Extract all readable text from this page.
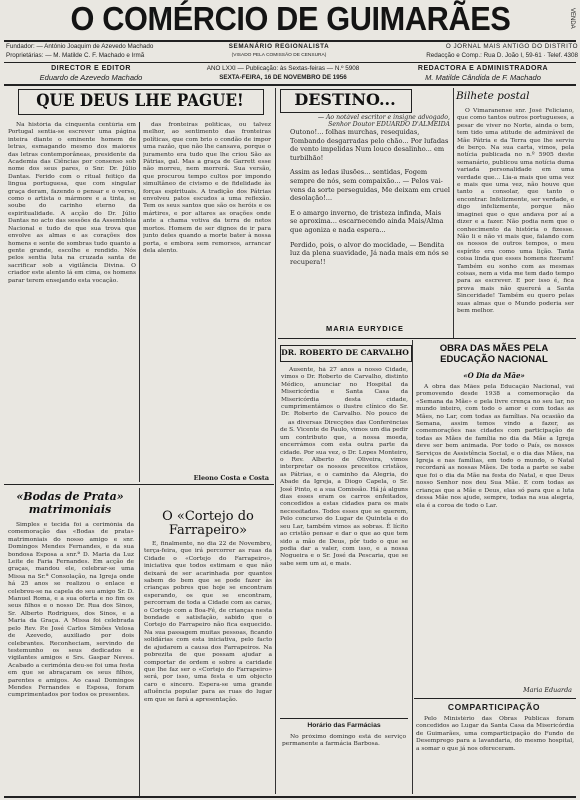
O COMÉRCIO DE GUIMARÃES	VENDA
Fundador: — António Joaquim de Azevedo Machado	SEMANÁRIO REGIONALISTA	O JORNAL MAIS ANTIGO DO DISTRITO
Proprietárias: — M. Matilde C. F. Machado e Irmã	(VISADO PELA COMISSÃO DE CENSURA)	Redacção e Comp.: Rua D. João I, 59-61 · Telef. 4308
DIRECTOR E EDITOR
Eduardo de Azevedo Machado
ANO LXXI — Publicação: às Sextas-feiras — N.º 5908
SEXTA-FEIRA, 16 DE NOVEMBRO DE 1956
REDACTORA E ADMINISTRADORA
M. Matilde Cândida de F. Machado
QUE DEUS LHE PAGUE!

Na história da cinquenta centúria em Portugal sentia-se escrever uma página inteira diante o eminente homem de letras, esmagando mesmo dos maiores das letras contemporâneas, presidente da Academia das Ciências por consenso sob nome dos seus pares, o Snr. Dr. Júlio Dantas. Ferido com o ritual feitiço da lingua portuguesa, que com singular graça deram, fazendo o pensar e o verso, como o artista o mármore e a tinta, se soube do carinho eterno da espiritualidade. A acção do Dr. Júlio Dantas no acto das sessões da Assembleia Nacional e tudo de que sua trova que envolve as almas e as corações dos homens e sente de sombras tudo quanto a gente grande, escolhe e rendido. Nós pelos sentia luta na cruzada santa de sacrificar sob a vigilância Divina. O criador este alento lá em cima, os homens parar terem ensejando esta vocação.

das fronteiras políticas, ou talvez melhor, ao sentimento das fronteiras políticas, que com brio o condão de impor uma razão, que não lhe cansava, porque o juramento era tudo que lhe criou São as Pátrias, gal. Mas a graça de Garrett esse não morreu, nem morrerá. Sua versão, que procurou tempo cultos por impondo simultâneo de civismo e de fidelidade às forças espirituais. A tradição dos Pátrias envolveu patos escudos a uma reflexão. Tem os seus santos que são os heróis e os mártires, e por altares as orações onde ante a chama votiva da terra de netos mortos. Homem de ser dignos de ir para junto deles quando a morte bater à nossa porta, e embora sem remorsos, arrancar dela alento.

Eleono Costa e Costa
«Bodas de Prata» matrimoniais

Simples e tecida foi a cerimónia da comemoração das «Bodas de prata» matrimoniais do nosso amigo e snr. Domingos Mendes Fernandes, e da sua bondosa Esposa a snr.ª D. Maria da Luz Leite de Faria Fernandes. Em acção de graças, mandou ele, celebrar-se uma Missa na Sr.ª Consolação, na Igreja onde há 25 anos se realizou o enlace e celebrou-se na capela do seu amigo Sr. D. Manuel Roma, e a sua oferta e no fim os seus filhos e o nosso Dr. Rua dos Sinos, Sr. Alberto Rodrigues, dos Sinos, e a Maria da Graça. A Missa foi celebrada pelo Rev. P.e José Carlos Simões Velosa de Azevedo, auxiliado por dois celebrantes. Reconheciam, servindo de testemunho os seus dedicados e vigilantes amigos e Srs. Gaspar Neves. Acabado a cerimónia deu-se foi uma festa em que se abraçaram os seus filhos, parentes e amigos. Ao casal Domingos Mendes Fernandes e Esposa, foram cumprimentados por todos os presentes.

O «Cortejo do Farrapeiro»

É, finalmente, no dia 22 de Novembro, terça-feira, que irá percorrer as ruas da Cidade o «Cortejo do Farrapeiro», iniciativa que todos estimam e que não deixará de ser acarinhada por quantos sabem do bem que se pode fazer às crianças pobres que hoje se encontram esperando, os que se encontram, percorram de toda a Cidade com as caras, o Cortejo com a Boa-Fé, de crianças nesta bondade e satisfação, sabido que o Cortejo do Farrapeiro não fica esquecido. Na sua passagem muitas pessoas, ficando solidárias com esta iniciativa, pelo facto de ajudarem a causa dos Farrapeiros. Na pobrezita de que possam ajudar a comportar de ordem e sobre a caridade que lhe faz ser o «Cortejo do Farrapeiro» será, por isso, uma festa e um objecto caro e sincero. Espera-se uma grande afluência popular para as ruas do lugar em que se fará a apresentação.

as diversas Direcções das Conferências de S. Vicente de Paulo, vimos um dia pedir um contributo que, a nossa moeda, encerrámos com esta outra parte da cidade. Por sua vez, o Dr. Lopes Monteiro, o Rev. Alberto de Oliveira, vimos interpretar os nossos preceitos cristãos, as Pátrias, e o caminho da Alegria, do Abade da Igreja, a Diogo Capela, o Sr. José Pinto, e a sua Comissão. Há já alguns dias esses eram os carros enfeitados, concedidos a estas cidades para os mais necessitados. Todos esses que se querem, Pelo concurso do Lugar de Quintela e do seu Lar, também vimos as sobras. É lícito ao cristão pensar e dar o que ao que tem sido a mão de Deus, pôr tudo o que se podia dar a valer, com isso, e a nossa Nogueira e o Sr. José da Pescaria, que se sabe sem um ai, e mais.

Horário das Farmácias

No próximo domingo está de serviço permanente a farmácia Barbosa.

DESTINO...
— Ao notável escritor e insigne advogado,
Senhor Doutor EDUARDO D'ALMEIDA

Outono!... folhas murchas, resequidas, Tombando desgarradas pelo chão... Por lufadas de vento impelidas Num louco desalinho... em turbilhão!

Assim as ledas ilusões... sentidas, Fogem sempre de nós, sem compaixão... — Pelos vai-vens da sorte perseguidas, Me deixam em cruel desolação!...

E o amargo inverno, de tristeza infinda, Mais se aproxima... escarnecendo ainda Mais/Alma que agoniza e nada espera...

Perdido, pois, o alvor do mocidade, — Bendita luz da plena suavidade, Já nada mais em nós se recupera!!

MARIA EURYDICE
DR. ROBERTO DE CARVALHO

Ausente, há 27 anos a nosso Cidade, vimos o Dr. Roberto de Carvalho, distinto Médico, anunciar no Hospital da Misericórdia e Santa Casa da Misericórdia desta cidade, cumprimentámos o ilustre clínico do Sr. Dr. Roberto de Carvalho. No pouco de

OBRA DAS MÃES PELA EDUCAÇÃO NACIONAL
«O Dia da Mãe»

A obra das Mães pela Educação Nacional, vai promovendo desde 1938 a comemoração da «Semana da Mãe» e pela livre crença no seu lar, no mundo inteiro, com todo o amor e com todas as Mães, no Lar, com todas as famílias. Na ocasião da Semana, assim temos vindo a fazer, as comemorações nas cidades com participação de todas as Mães de família no dia da Mãe a Igreja deve ser bem animada. Por todo o País, os nossos Serviços de Assistência Social, e o dia das Mães, na Igreja e nas famílias, em todo o mundo, o Natal recordará as nossas Mães. De toda a parte se sabe que foi o dia da Mãe na festa do Natal, e que Deus nosso Senhor nos deu Sua Mãe. E com todas as crianças que a Mãe e Deus, elas só para que a luta dessa Mãe nos ajude, sempre, todas na sua alegria, ela é a coroa de todo o Lar.

Bilhete postal

O Vimaranense snr. José Feliciano, que como tantos outros portugueses, a pesar de viver no Norte, ainda o tem, tem tido uma atitude de admirável de Mãe Pátria e da Terra que lhe serviu de berço. Na sua carta, vimos, pela notícia publicada no n.º 5905 deste semanário, publicou uma notícia duma variada personalidade em uma verdade que... Lia-a mais que uma vez e mais que uma vez, não houve que tanto a consolar, que tanto o encontrar. Infelizmente, ser verdade, e digo infelizmente, porque não imaginei que o que andava por aí a dizer e a fazer. Não podia nem que o conhecimento da história o fizesse. Não li e não vi mais que, falando com os nossos de outros tempos, o meu espírito era como uma lição. Tanta coisa linda que esses homens fizeram! Também eu sonho com as mesmas coisas, nem a vida me tem dado tempo para as escrever. E por isso é, fica prova mais não quererá a Santa Sinceridade! Também eu quero pelas suas almas que o Mundo poderia ser bem melhor.

Maria Eduarda
COMPARTICIPAÇÃO

Pelo Ministério das Obras Públicas foram concedidos ao Lugar da Santa Casa da Misericórdia de Guimarães, uma comparticipação do Fundo de Desemprego para a lavandaria, do mesmo hospital, a somar o que já nos ofereceram.
